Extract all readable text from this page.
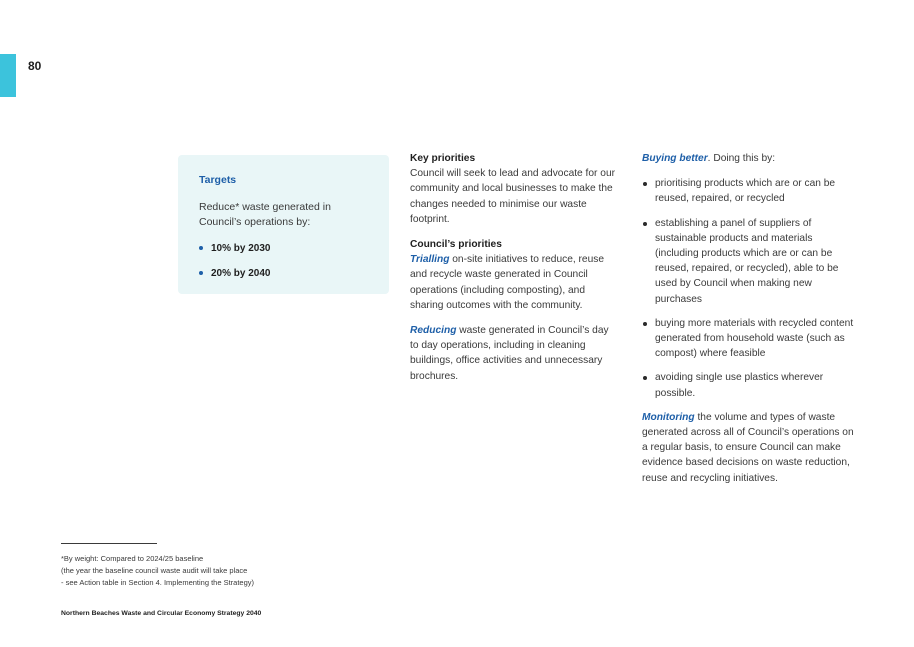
80

Targets

Reduce* waste generated in Council’s operations by:

10% by 2030
20% by 2040
Key priorities
Council will seek to lead and advocate for our community and local businesses to make the changes needed to minimise our waste footprint.
Council’s priorities
Trialling on-site initiatives to reduce, reuse and recycle waste generated in Council operations (including composting), and sharing outcomes with the community.
Reducing waste generated in Council’s day to day operations, including in cleaning buildings, office activities and unnecessary brochures.
Buying better. Doing this by:
prioritising products which are or can be reused, repaired, or recycled
establishing a panel of suppliers of sustainable products and materials (including products which are or can be reused, repaired, or recycled), able to be used by Council when making new purchases
buying more materials with recycled content generated from household waste (such as compost) where feasible
avoiding single use plastics wherever possible.
Monitoring the volume and types of waste generated across all of Council’s operations on a regular basis, to ensure Council can make evidence based decisions on waste reduction, reuse and recycling initiatives.
*By weight: Compared to 2024/25 baseline
(the year the baseline council waste audit will take place
- see Action table in Section 4. Implementing the Strategy)
Northern Beaches Waste and Circular Economy Strategy 2040
